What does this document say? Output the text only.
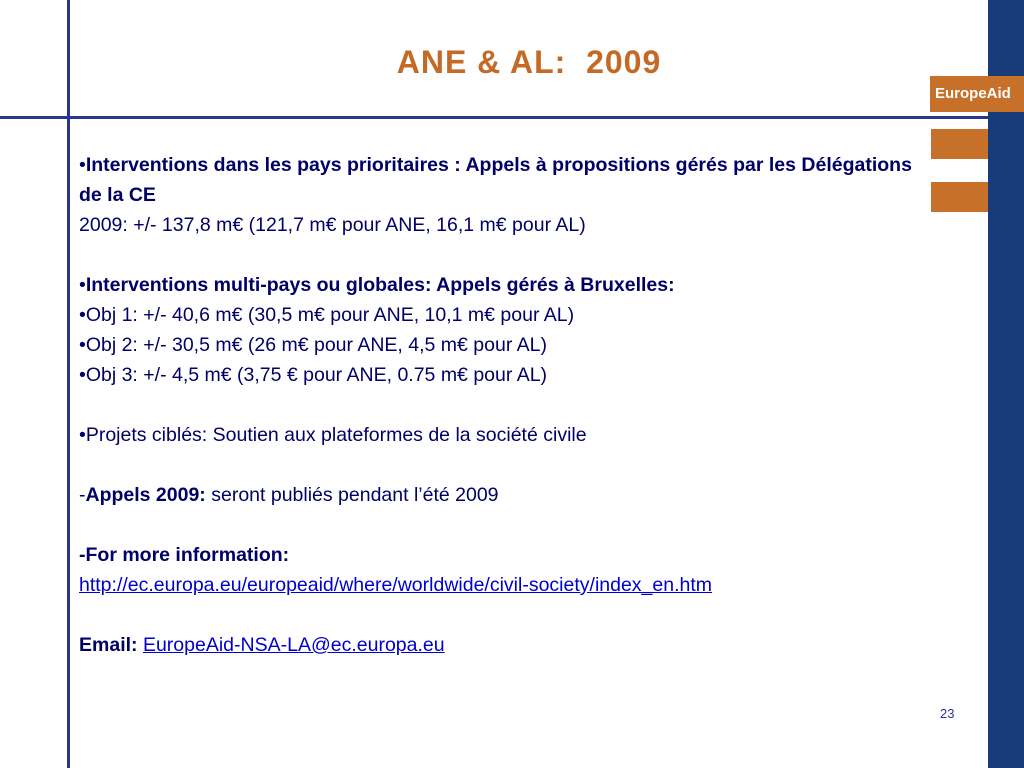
EuropeAid
ANE & AL:  2009
•Interventions dans les pays prioritaires : Appels à propositions gérés par les Délégations de la CE
2009: +/- 137,8 m€ (121,7 m€ pour ANE, 16,1 m€ pour AL)
•Interventions multi-pays ou globales: Appels gérés à Bruxelles:
•Obj 1: +/- 40,6 m€ (30,5 m€ pour ANE, 10,1 m€ pour AL)
•Obj 2: +/- 30,5 m€ (26 m€ pour ANE, 4,5 m€ pour AL)
•Obj 3: +/- 4,5 m€ (3,75 € pour ANE, 0.75 m€ pour AL)
•Projets ciblés: Soutien aux plateformes de la société civile
-Appels 2009: seront publiés pendant l’été 2009
-For more information:
http://ec.europa.eu/europeaid/where/worldwide/civil-society/index_en.htm
Email: EuropeAid-NSA-LA@ec.europa.eu
23
